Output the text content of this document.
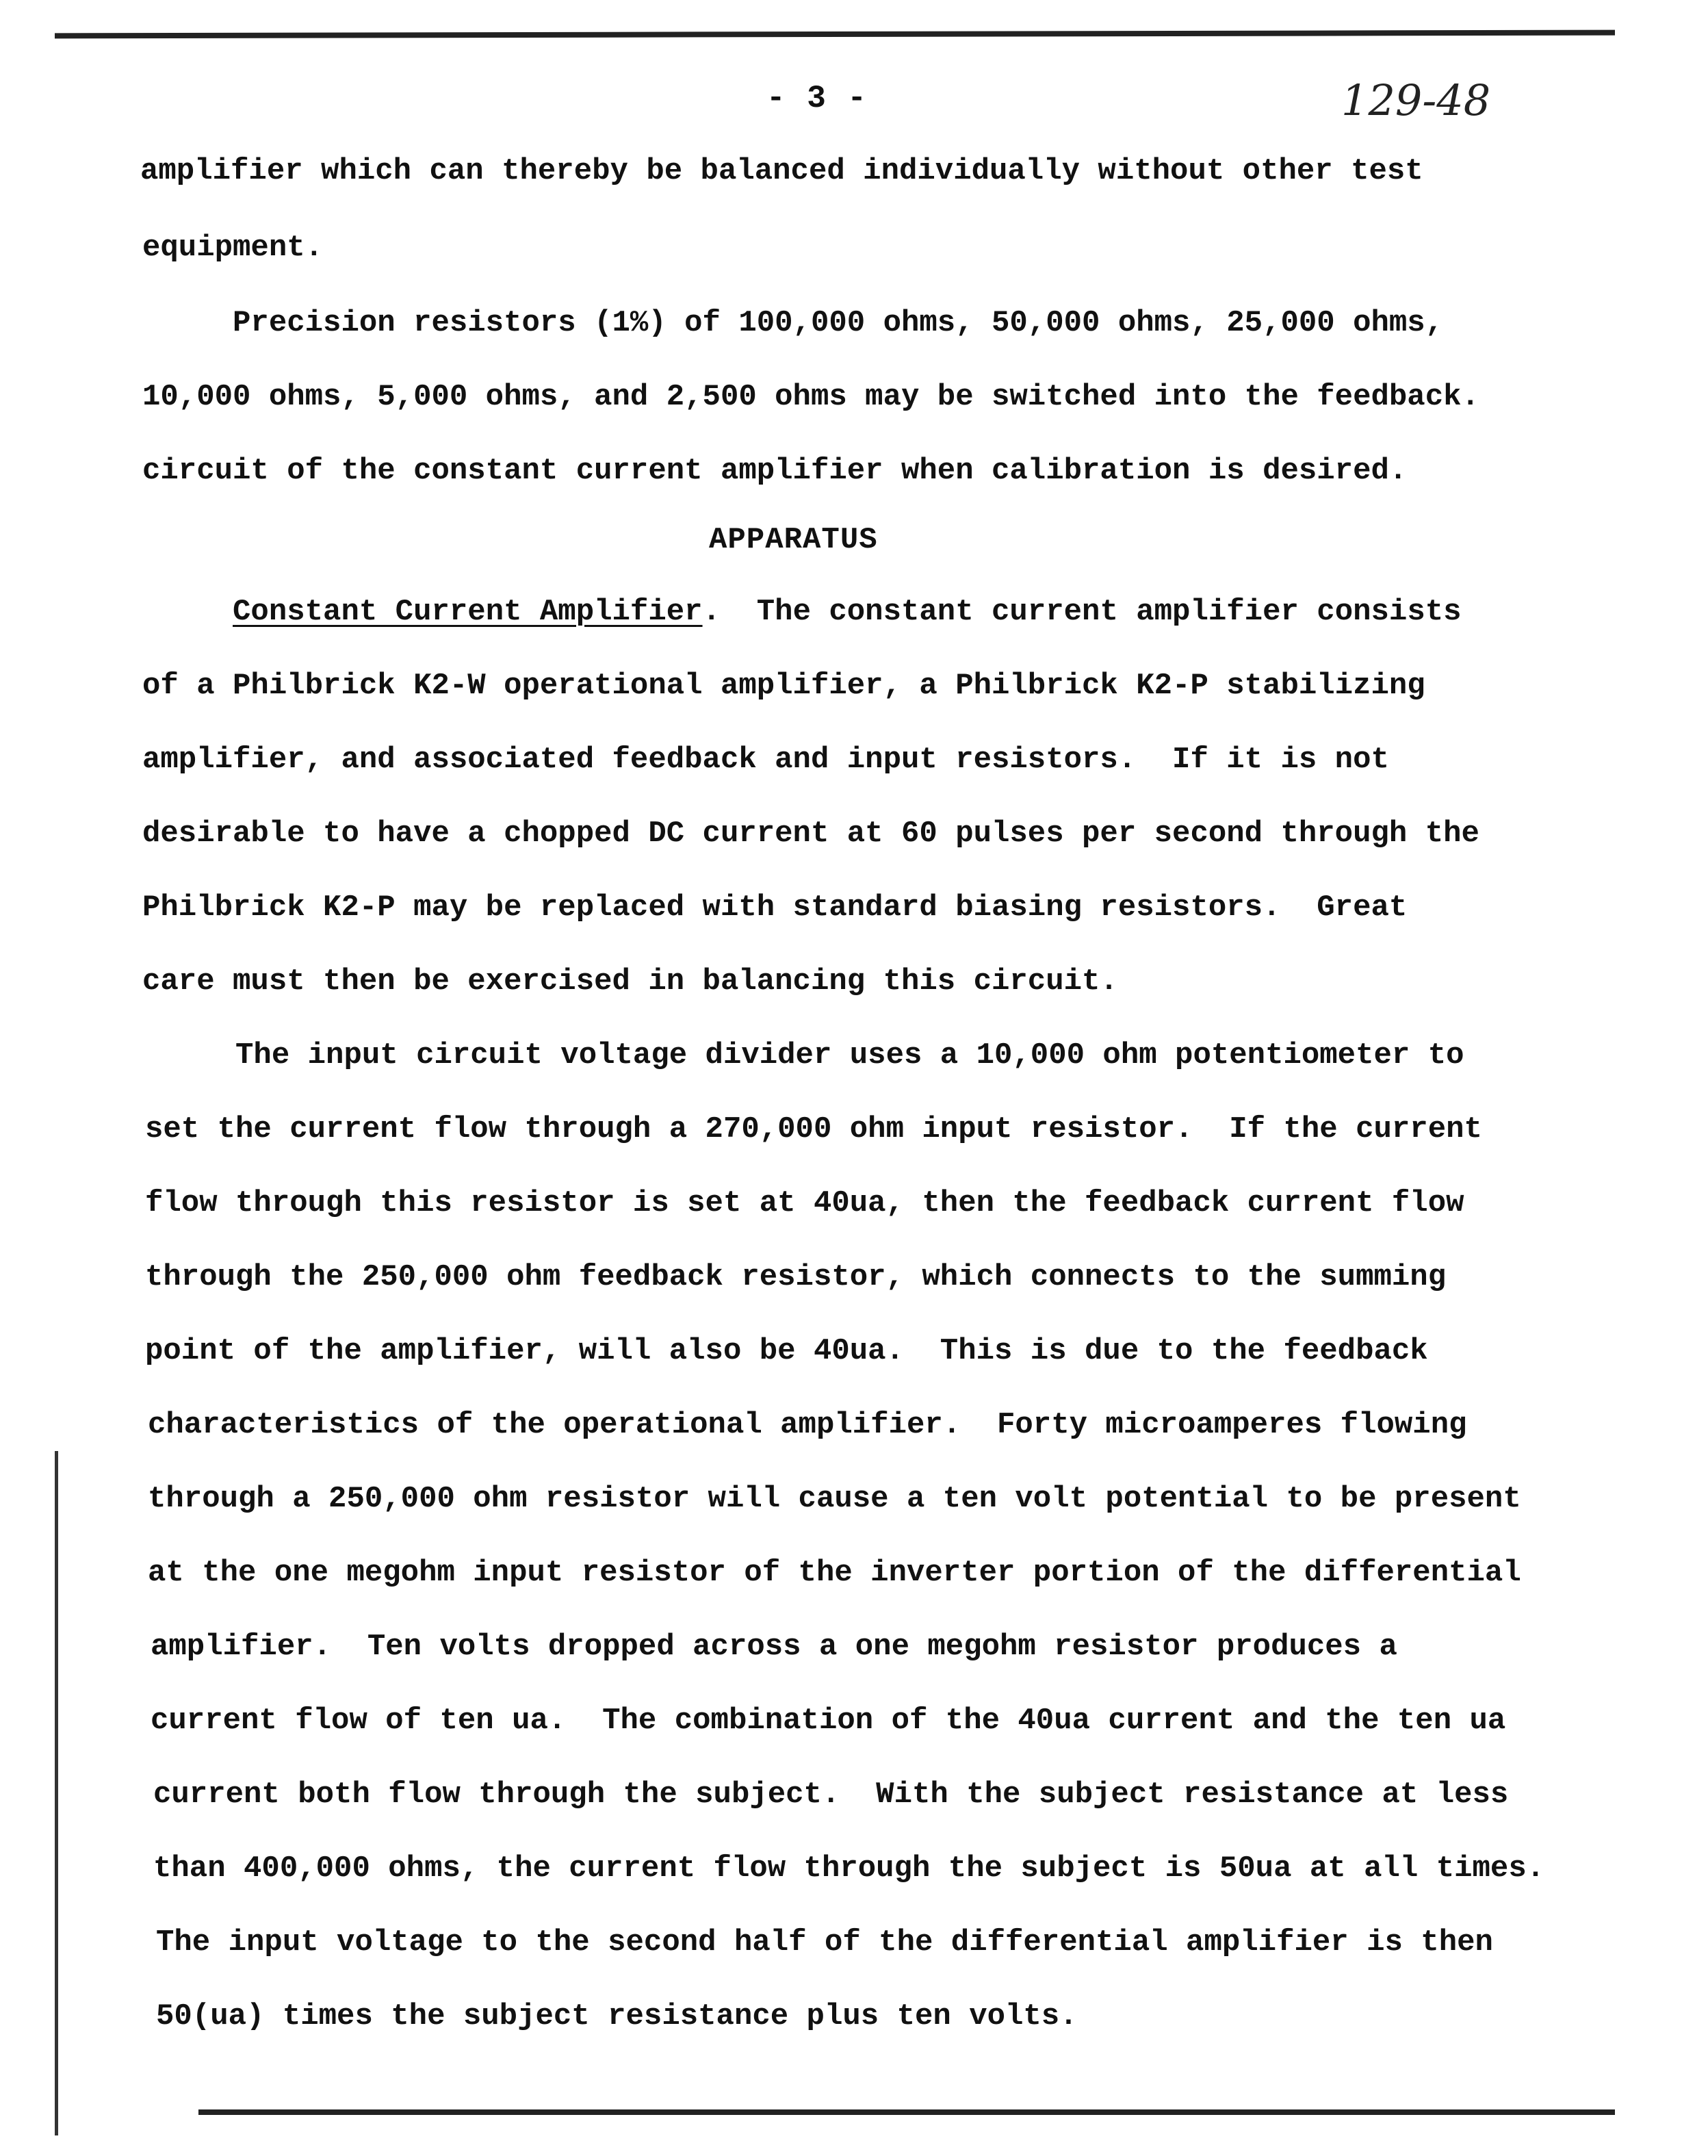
- 3 -	129-48
amplifier which can thereby be balanced individually without other test
equipment.
Precision resistors (1%) of 100,000 ohms, 50,000 ohms, 25,000 ohms,
10,000 ohms, 5,000 ohms, and 2,500 ohms may be switched into the feedback.
circuit of the constant current amplifier when calibration is desired.
APPARATUS
Constant Current Amplifier.  The constant current amplifier consists
of a Philbrick K2-W operational amplifier, a Philbrick K2-P stabilizing
amplifier, and associated feedback and input resistors.  If it is not
desirable to have a chopped DC current at 60 pulses per second through the
Philbrick K2-P may be replaced with standard biasing resistors.  Great
care must then be exercised in balancing this circuit.
The input circuit voltage divider uses a 10,000 ohm potentiometer to
set the current flow through a 270,000 ohm input resistor.  If the current
flow through this resistor is set at 40ua, then the feedback current flow
through the 250,000 ohm feedback resistor, which connects to the summing
point of the amplifier, will also be 40ua.  This is due to the feedback
characteristics of the operational amplifier.  Forty microamperes flowing
through a 250,000 ohm resistor will cause a ten volt potential to be present
at the one megohm input resistor of the inverter portion of the differential
amplifier.  Ten volts dropped across a one megohm resistor produces a
current flow of ten ua.  The combination of the 40ua current and the ten ua
current both flow through the subject.  With the subject resistance at less
than 400,000 ohms, the current flow through the subject is 50ua at all times.
The input voltage to the second half of the differential amplifier is then
50(ua) times the subject resistance plus ten volts.
